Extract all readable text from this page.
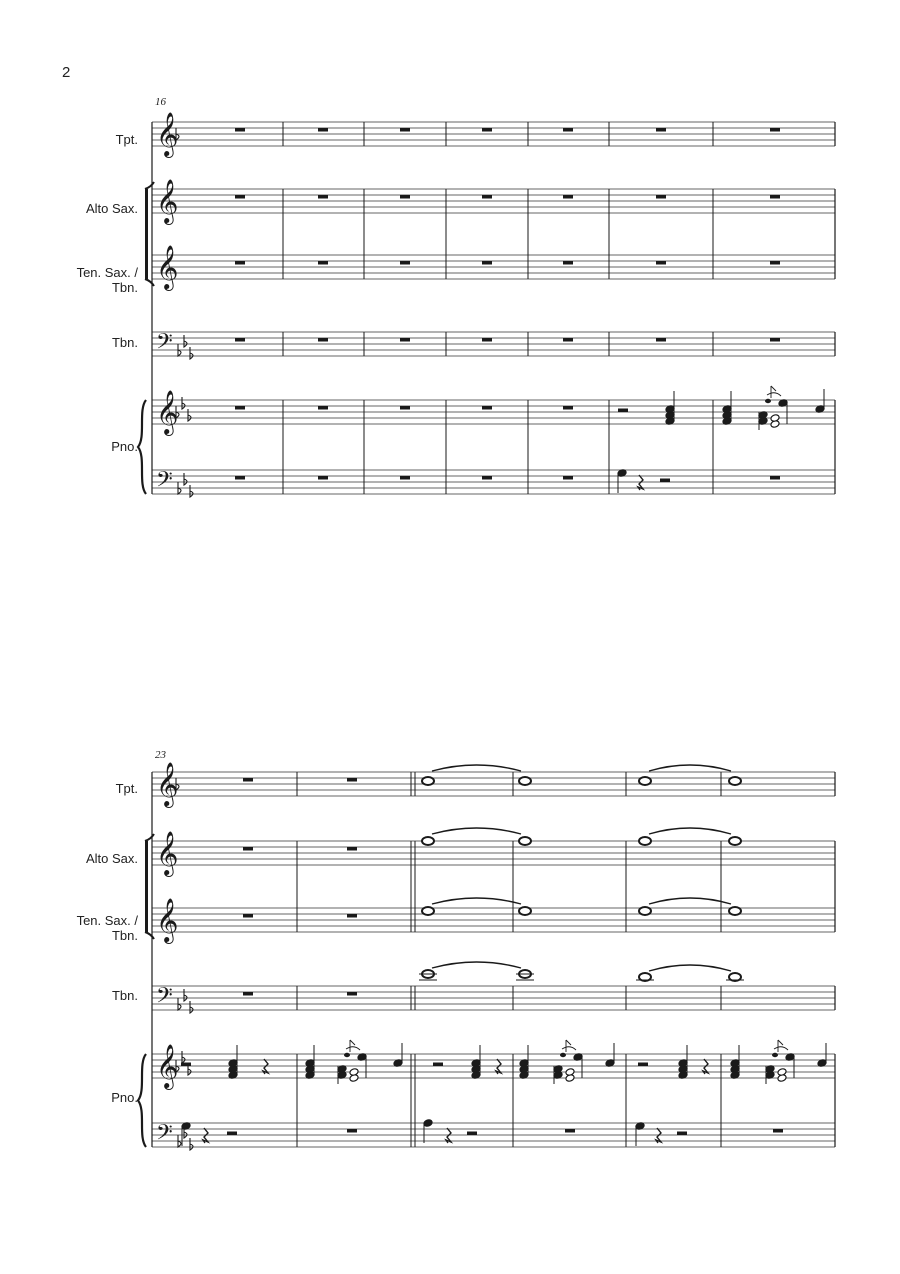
2
16
Tpt.
Alto Sax.
Ten. Sax. /
Tbn.
Tbn.
Pno.
23
Tpt.
Alto Sax.
Ten. Sax. /
Tbn.
Tbn.
Pno.
𝄞
𝄞
𝄞
𝄢
𝄞
𝄢
𝄞
𝄞
𝄞
𝄢
𝄞
𝄢
